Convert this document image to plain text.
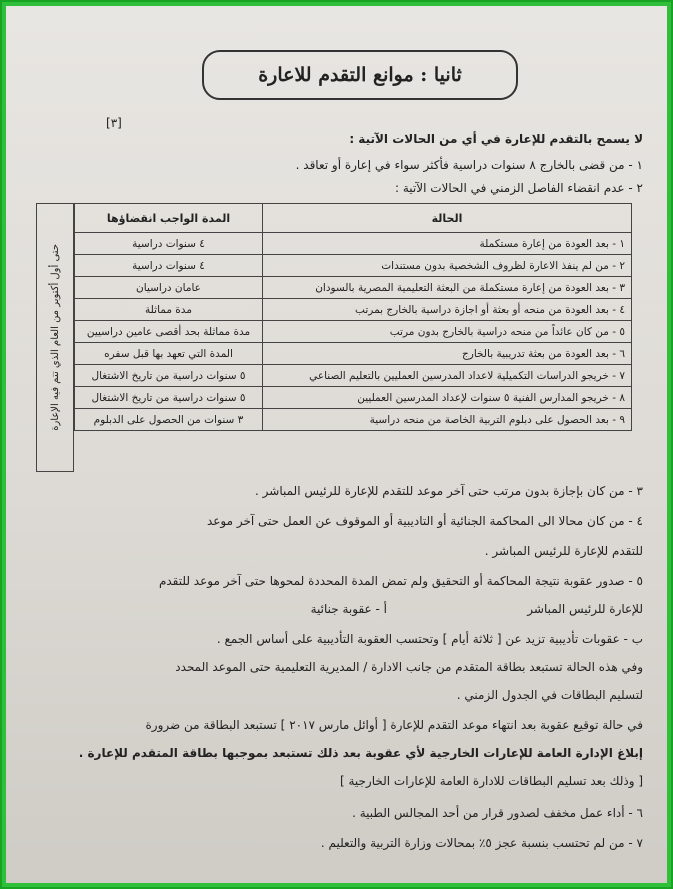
ثانيا : موانع التقدم للاعارة
[٣]
لا يسمح بالتقدم للإعارة في أي من الحالات الآتية :
١ - من قضى بالخارج ٨ سنوات دراسية فأكثر سواء في إعارة أو تعاقد .
٢ - عدم انقضاء الفاصل الزمني في الحالات الآتية :
حتى أول أكتوبر من العام الذي تتم فيه الإعارة
الحالة	المدة الواجب انقضاؤها
١ - بعد العودة من إعارة مستكملة	٤ سنوات دراسية
٢ - من لم ينفذ الاعارة لظروف الشخصية بدون مستندات	٤ سنوات دراسية
٣ - بعد العودة من إعارة مستكملة من البعثة التعليمية المصرية بالسودان	عامان دراسيان
٤ - بعد العودة من منحه أو بعثة أو اجازة دراسية بالخارج بمرتب	مدة مماثلة
٥ - من كان عائداً من منحه دراسية بالخارج بدون مرتب	مدة مماثلة بحد أقصى عامين دراسيين
٦ - بعد العودة من بعثة تدريبية بالخارج	المدة التي تعهد بها قبل سفره
٧ - خريجو الدراسات التكميلية لاعداد المدرسين العمليين بالتعليم الصناعي	٥ سنوات دراسية من تاريخ الاشتغال
٨ - خريجو المدارس الفنية ٥ سنوات لإعداد المدرسين العمليين	٥ سنوات دراسية من تاريخ الاشتغال
٩ - بعد الحصول على دبلوم التربية الخاصة من منحه دراسية	٣ سنوات من الحصول على الدبلوم
٣ - من كان بإجازة بدون مرتب حتى آخر موعد للتقدم للإعارة للرئيس المباشر .
٤ - من كان محالا الى المحاكمة الجنائية أو التاديبية أو الموقوف عن العمل حتى آخر موعد
للتقدم للإعارة للرئيس المباشر .
٥ - صدور عقوبة نتيجة المحاكمة أو التحقيق ولم تمض المدة المحددة لمحوها حتى آخر موعد للتقدم
للإعارة للرئيس المباشر
أ - عقوبة جنائية
ب - عقوبات تأديبية تزيد عن [ ثلاثة أيام ] وتحتسب العقوبة التأديبية على أساس الجمع .
وفي هذه الحالة تستبعد بطاقة المتقدم من جانب الادارة / المديرية التعليمية حتى الموعد المحدد
لتسليم البطاقات في الجدول الزمني .
في حالة توقيع عقوبة بعد انتهاء موعد التقدم للإعارة [ أوائل مارس ٢٠١٧ ] تستبعد البطاقة من ضرورة
إبلاغ الإدارة العامة للإعارات الخارجية لأي عقوبة بعد ذلك تستبعد بموجبها بطاقة المتقدم للإعارة .
[ وذلك بعد تسليم البطاقات للادارة العامة للإعارات الخارجية ]
٦ - أداء عمل مخفف لصدور قرار من أحد المجالس الطبية .
٧ - من لم تحتسب بنسبة عجز ٥٪ بمحالات وزارة التربية والتعليم .
